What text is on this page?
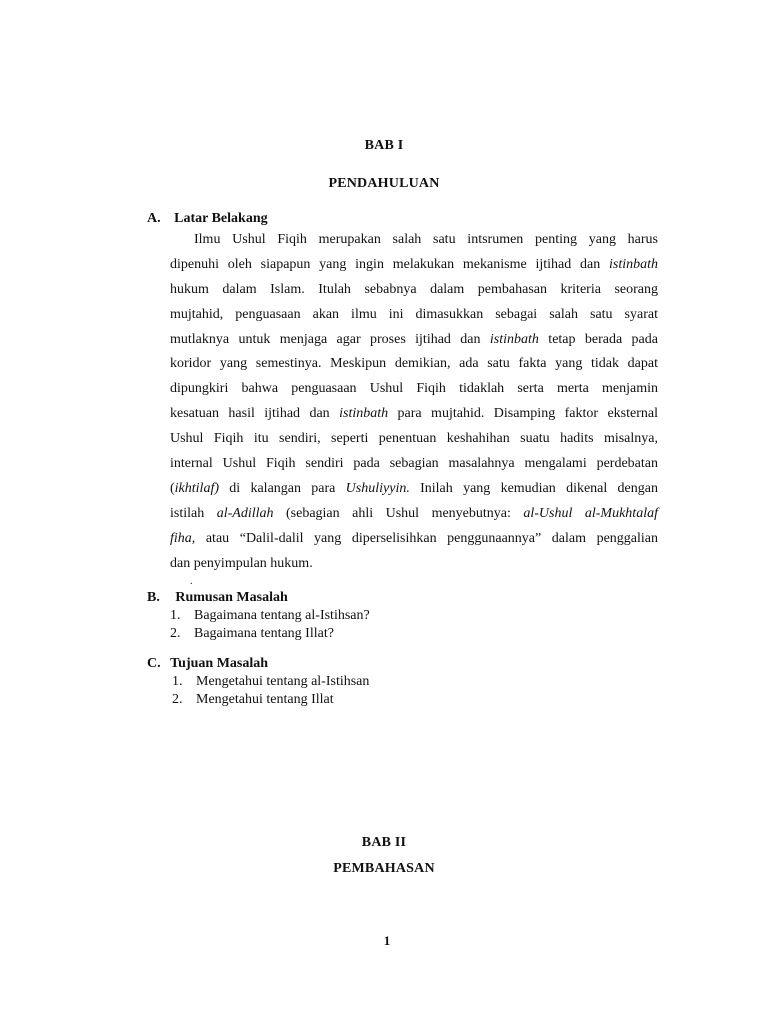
BAB I
PENDAHULUAN
A. Latar Belakang
Ilmu Ushul Fiqih merupakan salah satu intsrumen penting yang harus
dipenuhi oleh siapapun yang ingin melakukan mekanisme ijtihad dan istinbath
hukum dalam Islam. Itulah sebabnya dalam pembahasan kriteria seorang
mujtahid, penguasaan akan ilmu ini dimasukkan sebagai salah satu syarat
mutlaknya untuk menjaga agar proses ijtihad dan istinbath tetap berada pada
koridor yang semestinya. Meskipun demikian, ada satu fakta yang tidak dapat
dipungkiri bahwa penguasaan Ushul Fiqih tidaklah serta merta menjamin
kesatuan hasil ijtihad dan istinbath para mujtahid. Disamping faktor eksternal
Ushul Fiqih itu sendiri, seperti penentuan keshahihan suatu hadits misalnya,
internal Ushul Fiqih sendiri pada sebagian masalahnya mengalami perdebatan
(ikhtilaf) di kalangan para Ushuliyyin. Inilah yang kemudian dikenal dengan
istilah al-Adillah (sebagian ahli Ushul menyebutnya: al-Ushul al-Mukhtalaf
fiha, atau “Dalil-dalil yang diperselisihkan penggunaannya” dalam penggalian
dan penyimpulan hukum.
.
B. Rumusan Masalah
1. Bagaimana tentang al-Istihsan?
2. Bagaimana tentang Illat?
C. Tujuan Masalah
1. Mengetahui tentang al-Istihsan
2. Mengetahui tentang Illat
BAB II
PEMBAHASAN
1
